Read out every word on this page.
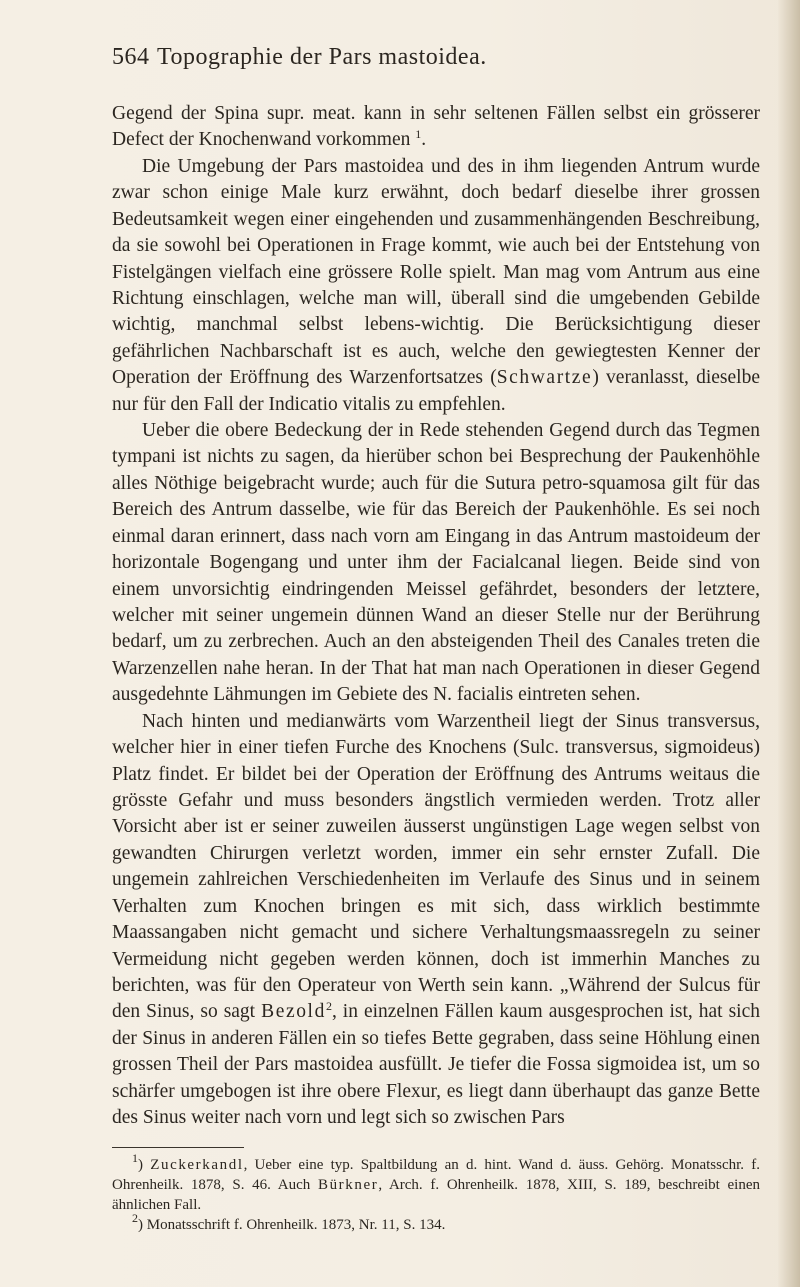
564 Topographie der Pars mastoidea.

Gegend der Spina supr. meat. kann in sehr seltenen Fällen selbst ein grösserer Defect der Knochenwand vorkommen $^1$.

Die Umgebung der Pars mastoidea und des in ihm liegenden Antrum wurde zwar schon einige Male kurz erwähnt, doch bedarf dieselbe ihrer grossen Bedeutsamkeit wegen einer eingehenden und zusammenhängenden Beschreibung, da sie sowohl bei Operationen in Frage kommt, wie auch bei der Entstehung von Fistelgängen vielfach eine grössere Rolle spielt. Man mag vom Antrum aus eine Richtung einschlagen, welche man will, überall sind die umgebenden Gebilde wichtig, manchmal selbst lebens-wichtig. Die Berücksichtigung dieser gefährlichen Nachbarschaft ist es auch, welche den gewiegtesten Kenner der Operation der Eröffnung des Warzenfortsatzes (Schwartze) veranlasst, dieselbe nur für den Fall der Indicatio vitalis zu empfehlen.

Ueber die obere Bedeckung der in Rede stehenden Gegend durch das Tegmen tympani ist nichts zu sagen, da hierüber schon bei Besprechung der Paukenhöhle alles Nöthige beigebracht wurde; auch für die Sutura petro-squamosa gilt für das Bereich des Antrum dasselbe, wie für das Bereich der Paukenhöhle. Es sei noch einmal daran erinnert, dass nach vorn am Eingang in das Antrum mastoideum der horizontale Bogengang und unter ihm der Facialcanal liegen. Beide sind von einem unvorsichtig eindringenden Meissel gefährdet, besonders der letztere, welcher mit seiner ungemein dünnen Wand an dieser Stelle nur der Berührung bedarf, um zu zerbrechen. Auch an den absteigenden Theil des Canales treten die Warzenzellen nahe heran. In der That hat man nach Operationen in dieser Gegend ausgedehnte Lähmungen im Gebiete des N. facialis eintreten sehen.

Nach hinten und medianwärts vom Warzentheil liegt der Sinus transversus, welcher hier in einer tiefen Furche des Knochens (Sulc. transversus, sigmoideus) Platz findet. Er bildet bei der Operation der Eröffnung des Antrums weitaus die grösste Gefahr und muss besonders ängstlich vermieden werden. Trotz aller Vorsicht aber ist er seiner zuweilen äusserst ungünstigen Lage wegen selbst von gewandten Chirurgen verletzt worden, immer ein sehr ernster Zufall. Die ungemein zahlreichen Verschiedenheiten im Verlaufe des Sinus und in seinem Verhalten zum Knochen bringen es mit sich, dass wirklich bestimmte Maassangaben nicht gemacht und sichere Verhaltungsmaassregeln zu seiner Vermeidung nicht gegeben werden können, doch ist immerhin Manches zu berichten, was für den Operateur von Werth sein kann. „Während der Sulcus für den Sinus, so sagt Bezold$^2$, in einzelnen Fällen kaum ausgesprochen ist, hat sich der Sinus in anderen Fällen ein so tiefes Bette gegraben, dass seine Höhlung einen grossen Theil der Pars mastoidea ausfüllt. Je tiefer die Fossa sigmoidea ist, um so schärfer umgebogen ist ihre obere Flexur, es liegt dann überhaupt das ganze Bette des Sinus weiter nach vorn und legt sich so zwischen Pars

$^1$) Zuckerkandl, Ueber eine typ. Spaltbildung an d. hint. Wand d. äuss. Gehörg. Monatsschr. f. Ohrenheilk. 1878, S. 46. Auch Bürkner, Arch. f. Ohrenheilk. 1878, XIII, S. 189, beschreibt einen ähnlichen Fall.

$^2$) Monatsschrift f. Ohrenheilk. 1873, Nr. 11, S. 134.
